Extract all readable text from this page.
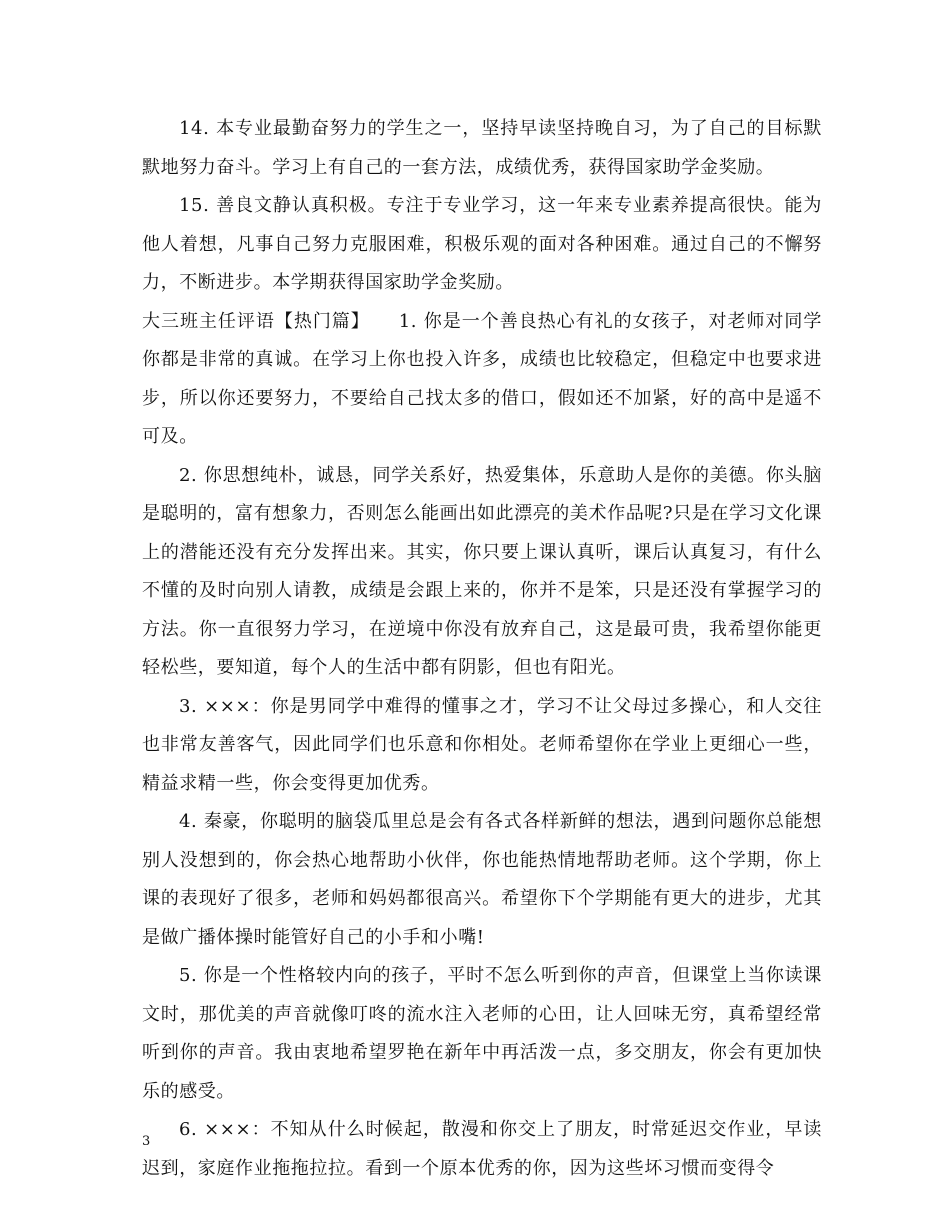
14. 本专业最勤奋努力的学生之一，坚持早读坚持晚自习，为了自己的目标默默地努力奋斗。学习上有自己的一套方法，成绩优秀，获得国家助学金奖励。

15. 善良文静认真积极。专注于专业学习，这一年来专业素养提高很快。能为他人着想，凡事自己努力克服困难，积极乐观的面对各种困难。通过自己的不懈努力，不断进步。本学期获得国家助学金奖励。

大三班主任评语【热门篇】　　1. 你是一个善良热心有礼的女孩子，对老师对同学你都是非常的真诚。在学习上你也投入许多，成绩也比较稳定，但稳定中也要求进步，所以你还要努力，不要给自己找太多的借口，假如还不加紧，好的高中是遥不可及。

2. 你思想纯朴，诚恳，同学关系好，热爱集体，乐意助人是你的美德。你头脑是聪明的，富有想象力，否则怎么能画出如此漂亮的美术作品呢?只是在学习文化课上的潜能还没有充分发挥出来。其实，你只要上课认真听，课后认真复习，有什么不懂的及时向别人请教，成绩是会跟上来的，你并不是笨，只是还没有掌握学习的方法。你一直很努力学习，在逆境中你没有放弃自己，这是最可贵，我希望你能更轻松些，要知道，每个人的生活中都有阴影，但也有阳光。

3. ×××：你是男同学中难得的懂事之才，学习不让父母过多操心，和人交往也非常友善客气，因此同学们也乐意和你相处。老师希望你在学业上更细心一些，精益求精一些，你会变得更加优秀。

4. 秦豪，你聪明的脑袋瓜里总是会有各式各样新鲜的想法，遇到问题你总能想别人没想到的，你会热心地帮助小伙伴，你也能热情地帮助老师。这个学期，你上课的表现好了很多，老师和妈妈都很高兴。希望你下个学期能有更大的进步，尤其是做广播体操时能管好自己的小手和小嘴!

5. 你是一个性格较内向的孩子，平时不怎么听到你的声音，但课堂上当你读课文时，那优美的声音就像叮咚的流水注入老师的心田，让人回味无穷，真希望经常听到你的声音。我由衷地希望罗艳在新年中再活泼一点，多交朋友，你会有更加快乐的感受。

6. ×××：不知从什么时候起，散漫和你交上了朋友，时常延迟交作业，早读迟到，家庭作业拖拖拉拉。看到一个原本优秀的你，因为这些坏习惯而变得令

3
